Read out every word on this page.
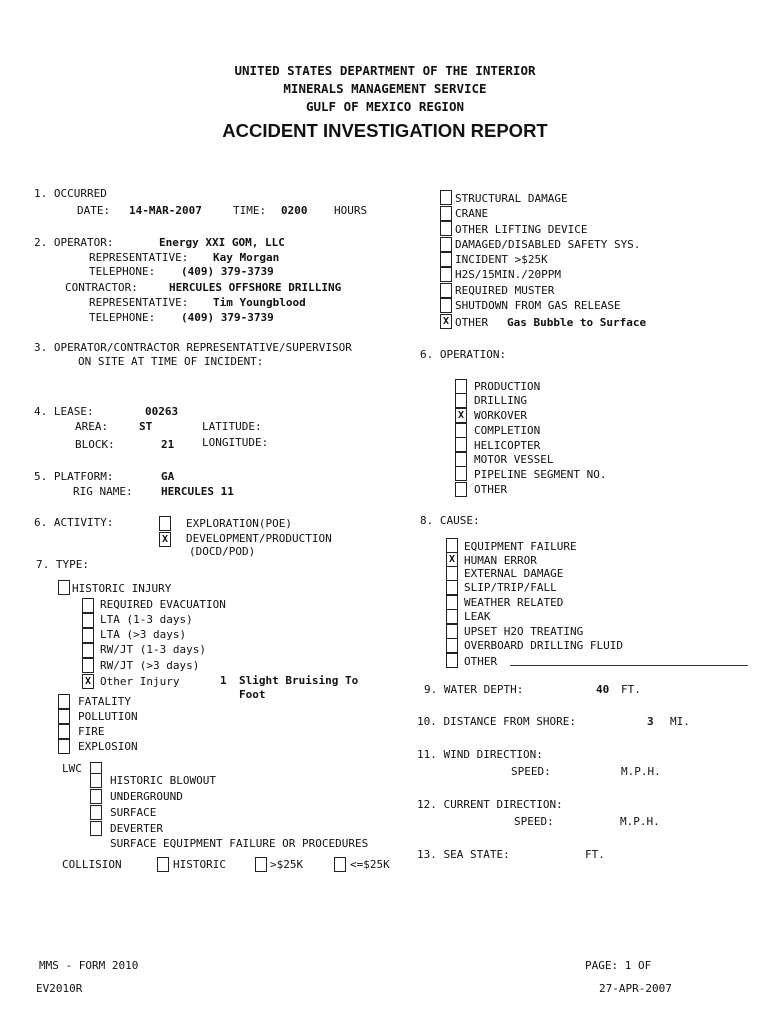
UNITED STATES DEPARTMENT OF THE INTERIOR
MINERALS MANAGEMENT SERVICE
GULF OF MEXICO REGION
ACCIDENT INVESTIGATION REPORT
1. OCCURRED
DATE: 14-MAR-2007	TIME: 0200 HOURS
2. OPERATOR:	Energy XXI GOM, LLC
REPRESENTATIVE: Kay Morgan
TELEPHONE: (409) 379-3739
CONTRACTOR:	HERCULES OFFSHORE DRILLING
REPRESENTATIVE: Tim Youngblood
TELEPHONE: (409) 379-3739
3. OPERATOR/CONTRACTOR REPRESENTATIVE/SUPERVISOR
ON SITE AT TIME OF INCIDENT:
4. LEASE:	00263
AREA:	ST	LATITUDE:
BLOCK:	21	LONGITUDE:
5. PLATFORM:	GA
RIG NAME:	HERCULES 11
6. ACTIVITY:	EXPLORATION(POE)
X DEVELOPMENT/PRODUCTION
(DOCD/POD)
7. TYPE:
HISTORIC INJURY
REQUIRED EVACUATION
LTA (1-3 days)
LTA (>3 days)
RW/JT (1-3 days)
RW/JT (>3 days)
X Other Injury	1 Slight Bruising To
Foot
FATALITY
POLLUTION
FIRE
EXPLOSION
LWC
HISTORIC BLOWOUT
UNDERGROUND
SURFACE
DEVERTER
SURFACE EQUIPMENT FAILURE OR PROCEDURES
COLLISION	HISTORIC	>$25K	<=$25K
STRUCTURAL DAMAGE
CRANE
OTHER LIFTING DEVICE
DAMAGED/DISABLED SAFETY SYS.
INCIDENT >$25K
H2S/15MIN./20PPM
REQUIRED MUSTER
SHUTDOWN FROM GAS RELEASE
X OTHER Gas Bubble to Surface
6. OPERATION:
PRODUCTION
DRILLING
X WORKOVER
COMPLETION
HELICOPTER
MOTOR VESSEL
PIPELINE SEGMENT NO.
OTHER
8. CAUSE:
EQUIPMENT FAILURE
X HUMAN ERROR
EXTERNAL DAMAGE
SLIP/TRIP/FALL
WEATHER RELATED
LEAK
UPSET H2O TREATING
OVERBOARD DRILLING FLUID
OTHER
9. WATER DEPTH:	40 FT.
10. DISTANCE FROM SHORE:	3 MI.
11. WIND DIRECTION:
SPEED:	M.P.H.
12. CURRENT DIRECTION:
SPEED:	M.P.H.
13. SEA STATE:	FT.
MMS - FORM 2010
EV2010R
PAGE: 1 OF
27-APR-2007
